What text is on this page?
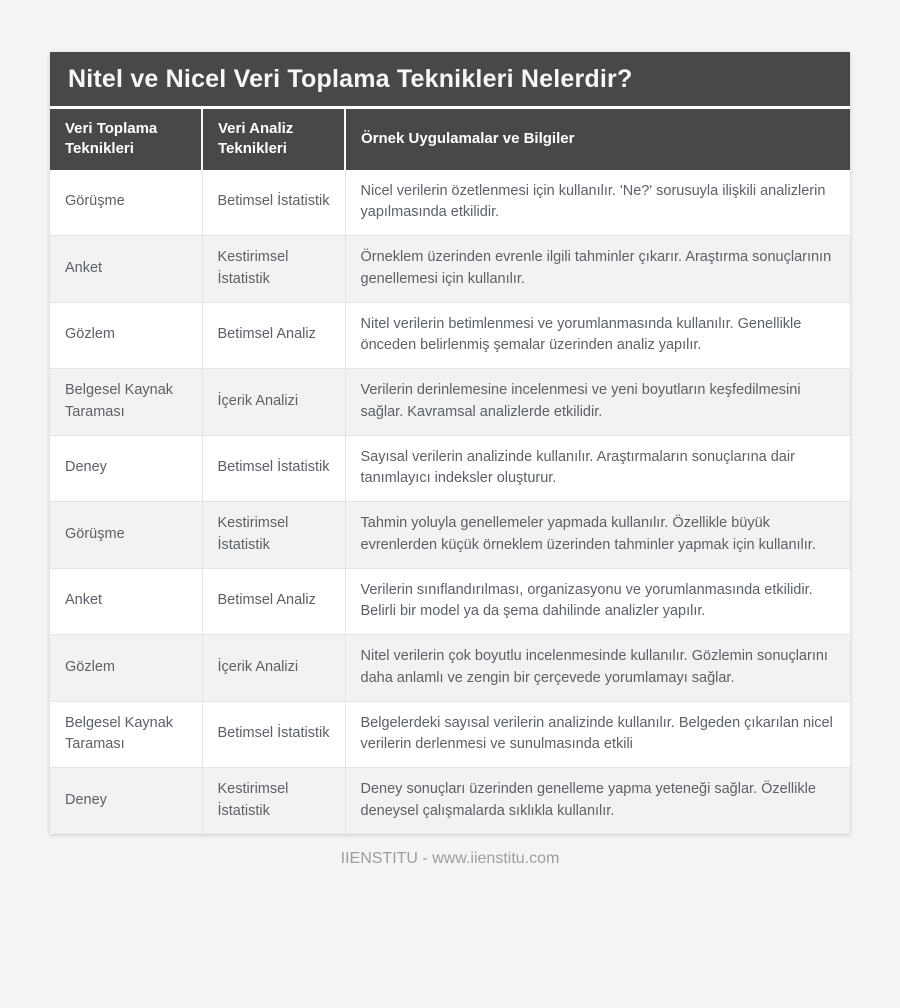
Nitel ve Nicel Veri Toplama Teknikleri Nelerdir?
Veri Toplama Teknikleri	Veri Analiz Teknikleri	Örnek Uygulamalar ve Bilgiler
Görüşme	Betimsel İstatistik	Nicel verilerin özetlenmesi için kullanılır. 'Ne?' sorusuyla ilişkili analizlerin yapılmasında etkilidir.
Anket	Kestirimsel İstatistik	Örneklem üzerinden evrenle ilgili tahminler çıkarır. Araştırma sonuçlarının genellemesi için kullanılır.
Gözlem	Betimsel Analiz	Nitel verilerin betimlenmesi ve yorumlanmasında kullanılır. Genellikle önceden belirlenmiş şemalar üzerinden analiz yapılır.
Belgesel Kaynak Taraması	İçerik Analizi	Verilerin derinlemesine incelenmesi ve yeni boyutların keşfedilmesini sağlar. Kavramsal analizlerde etkilidir.
Deney	Betimsel İstatistik	Sayısal verilerin analizinde kullanılır. Araştırmaların sonuçlarına dair tanımlayıcı indeksler oluşturur.
Görüşme	Kestirimsel İstatistik	Tahmin yoluyla genellemeler yapmada kullanılır. Özellikle büyük evrenlerden küçük örneklem üzerinden tahminler yapmak için kullanılır.
Anket	Betimsel Analiz	Verilerin sınıflandırılması, organizasyonu ve yorumlanmasında etkilidir. Belirli bir model ya da şema dahilinde analizler yapılır.
Gözlem	İçerik Analizi	Nitel verilerin çok boyutlu incelenmesinde kullanılır. Gözlemin sonuçlarını daha anlamlı ve zengin bir çerçevede yorumlamayı sağlar.
Belgesel Kaynak Taraması	Betimsel İstatistik	Belgelerdeki sayısal verilerin analizinde kullanılır. Belgeden çıkarılan nicel verilerin derlenmesi ve sunulmasında etkili
Deney	Kestirimsel İstatistik	Deney sonuçları üzerinden genelleme yapma yeteneği sağlar. Özellikle deneysel çalışmalarda sıklıkla kullanılır.
IIENSTITU - www.iienstitu.com
